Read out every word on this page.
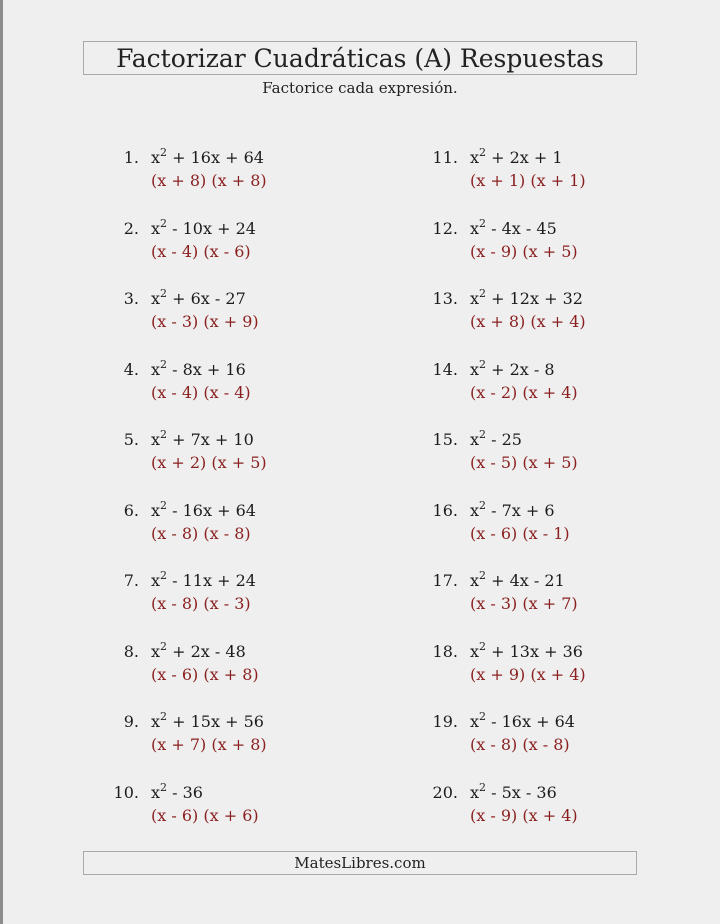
Factorizar Cuadráticas (A) Respuestas
Factorice cada expresión.
1. $x^2 + 16x + 64$
(x + 8) (x + 8)
2. $x^2 - 10x + 24$
(x - 4) (x - 6)
3. $x^2 + 6x - 27$
(x - 3) (x + 9)
4. $x^2 - 8x + 16$
(x - 4) (x - 4)
5. $x^2 + 7x + 10$
(x + 2) (x + 5)
6. $x^2 - 16x + 64$
(x - 8) (x - 8)
7. $x^2 - 11x + 24$
(x - 8) (x - 3)
8. $x^2 + 2x - 48$
(x - 6) (x + 8)
9. $x^2 + 15x + 56$
(x + 7) (x + 8)
10. $x^2 - 36$
(x - 6) (x + 6)
11. $x^2 + 2x + 1$
(x + 1) (x + 1)
12. $x^2 - 4x - 45$
(x - 9) (x + 5)
13. $x^2 + 12x + 32$
(x + 8) (x + 4)
14. $x^2 + 2x - 8$
(x - 2) (x + 4)
15. $x^2 - 25$
(x - 5) (x + 5)
16. $x^2 - 7x + 6$
(x - 6) (x - 1)
17. $x^2 + 4x - 21$
(x - 3) (x + 7)
18. $x^2 + 13x + 36$
(x + 9) (x + 4)
19. $x^2 - 16x + 64$
(x - 8) (x - 8)
20. $x^2 - 5x - 36$
(x - 9) (x + 4)
MatesLibres.com
